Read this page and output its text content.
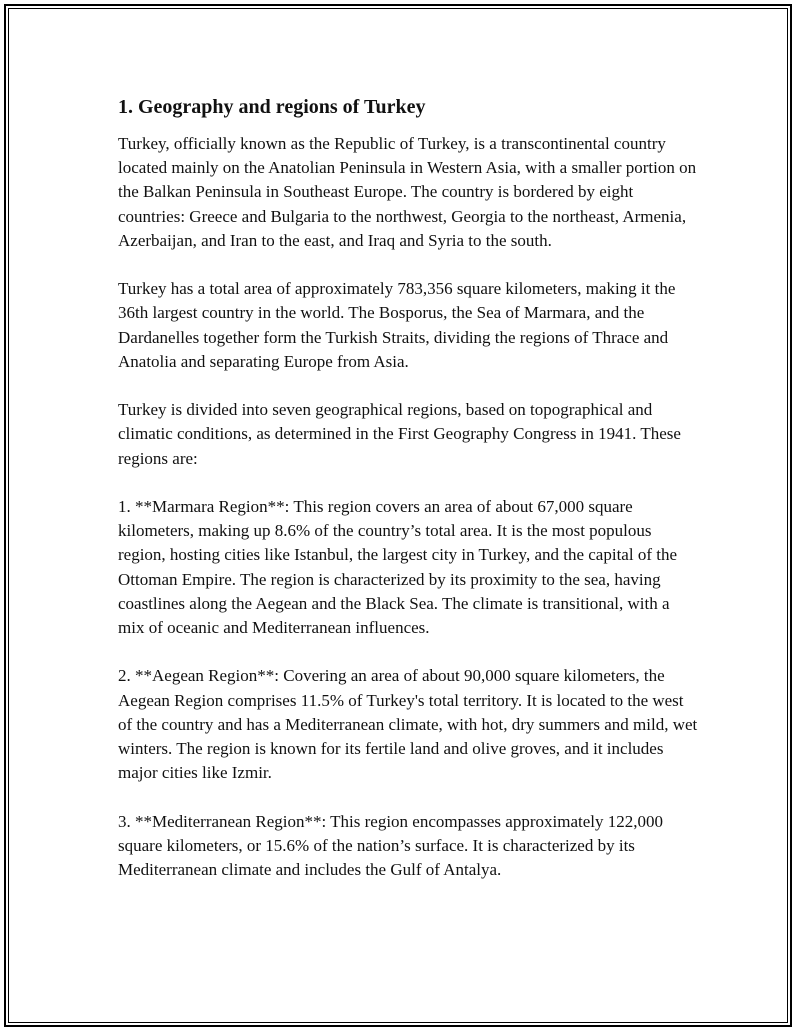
1. Geography and regions of Turkey

Turkey, officially known as the Republic of Turkey, is a transcontinental country located mainly on the Anatolian Peninsula in Western Asia, with a smaller portion on the Balkan Peninsula in Southeast Europe. The country is bordered by eight countries: Greece and Bulgaria to the northwest, Georgia to the northeast, Armenia, Azerbaijan, and Iran to the east, and Iraq and Syria to the south.

Turkey has a total area of approximately 783,356 square kilometers, making it the 36th largest country in the world. The Bosporus, the Sea of Marmara, and the Dardanelles together form the Turkish Straits, dividing the regions of Thrace and Anatolia and separating Europe from Asia.

Turkey is divided into seven geographical regions, based on topographical and climatic conditions, as determined in the First Geography Congress in 1941. These regions are:

1. **Marmara Region**: This region covers an area of about 67,000 square kilometers, making up 8.6% of the country’s total area. It is the most populous region, hosting cities like Istanbul, the largest city in Turkey, and the capital of the Ottoman Empire. The region is characterized by its proximity to the sea, having coastlines along the Aegean and the Black Sea. The climate is transitional, with a mix of oceanic and Mediterranean influences.

2. **Aegean Region**: Covering an area of about 90,000 square kilometers, the Aegean Region comprises 11.5% of Turkey's total territory. It is located to the west of the country and has a Mediterranean climate, with hot, dry summers and mild, wet winters. The region is known for its fertile land and olive groves, and it includes major cities like Izmir.

3. **Mediterranean Region**: This region encompasses approximately 122,000 square kilometers, or 15.6% of the nation’s surface. It is characterized by its Mediterranean climate and includes the Gulf of Antalya.
